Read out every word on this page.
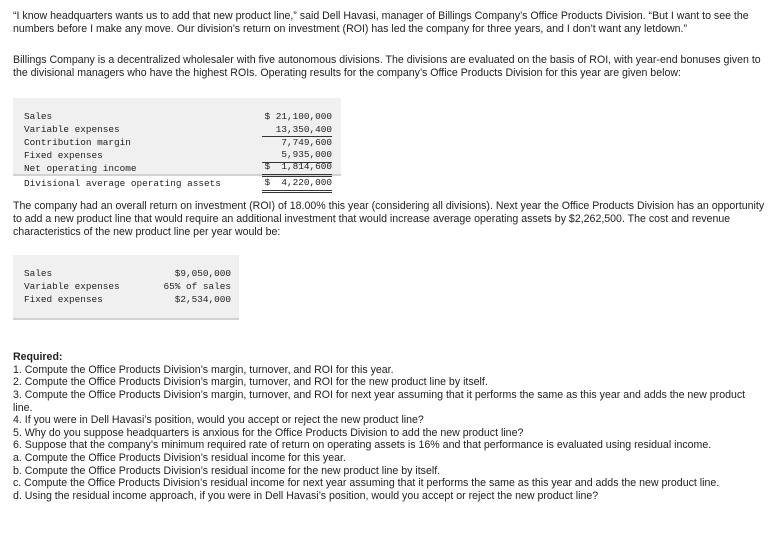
“I know headquarters wants us to add that new product line,” said Dell Havasi, manager of Billings Company’s Office Products Division. “But I want to see the numbers before I make any move. Our division’s return on investment (ROI) has led the company for three years, and I don’t want any letdown.”

Billings Company is a decentralized wholesaler with five autonomous divisions. The divisions are evaluated on the basis of ROI, with year-end bonuses given to the divisional managers who have the highest ROIs. Operating results for the company’s Office Products Division for this year are given below:

Sales	$ 21,100,000
Variable expenses	13,350,400
Contribution margin	7,749,600
Fixed expenses	5,935,000
Net operating income	$  1,814,600
Divisional average operating assets	$  4,220,000

The company had an overall return on investment (ROI) of 18.00% this year (considering all divisions). Next year the Office Products Division has an opportunity to add a new product line that would require an additional investment that would increase average operating assets by $2,262,500. The cost and revenue characteristics of the new product line per year would be:

Sales	$9,050,000
Variable expenses	65% of sales
Fixed expenses	$2,534,000

Required:

1. Compute the Office Products Division’s margin, turnover, and ROI for this year.

2. Compute the Office Products Division’s margin, turnover, and ROI for the new product line by itself.

3. Compute the Office Products Division’s margin, turnover, and ROI for next year assuming that it performs the same as this year and adds the new product line.

4. If you were in Dell Havasi’s position, would you accept or reject the new product line?

5. Why do you suppose headquarters is anxious for the Office Products Division to add the new product line?

6. Suppose that the company’s minimum required rate of return on operating assets is 16% and that performance is evaluated using residual income.

a. Compute the Office Products Division’s residual income for this year.

b. Compute the Office Products Division’s residual income for the new product line by itself.

c. Compute the Office Products Division’s residual income for next year assuming that it performs the same as this year and adds the new product line.

d. Using the residual income approach, if you were in Dell Havasi’s position, would you accept or reject the new product line?
